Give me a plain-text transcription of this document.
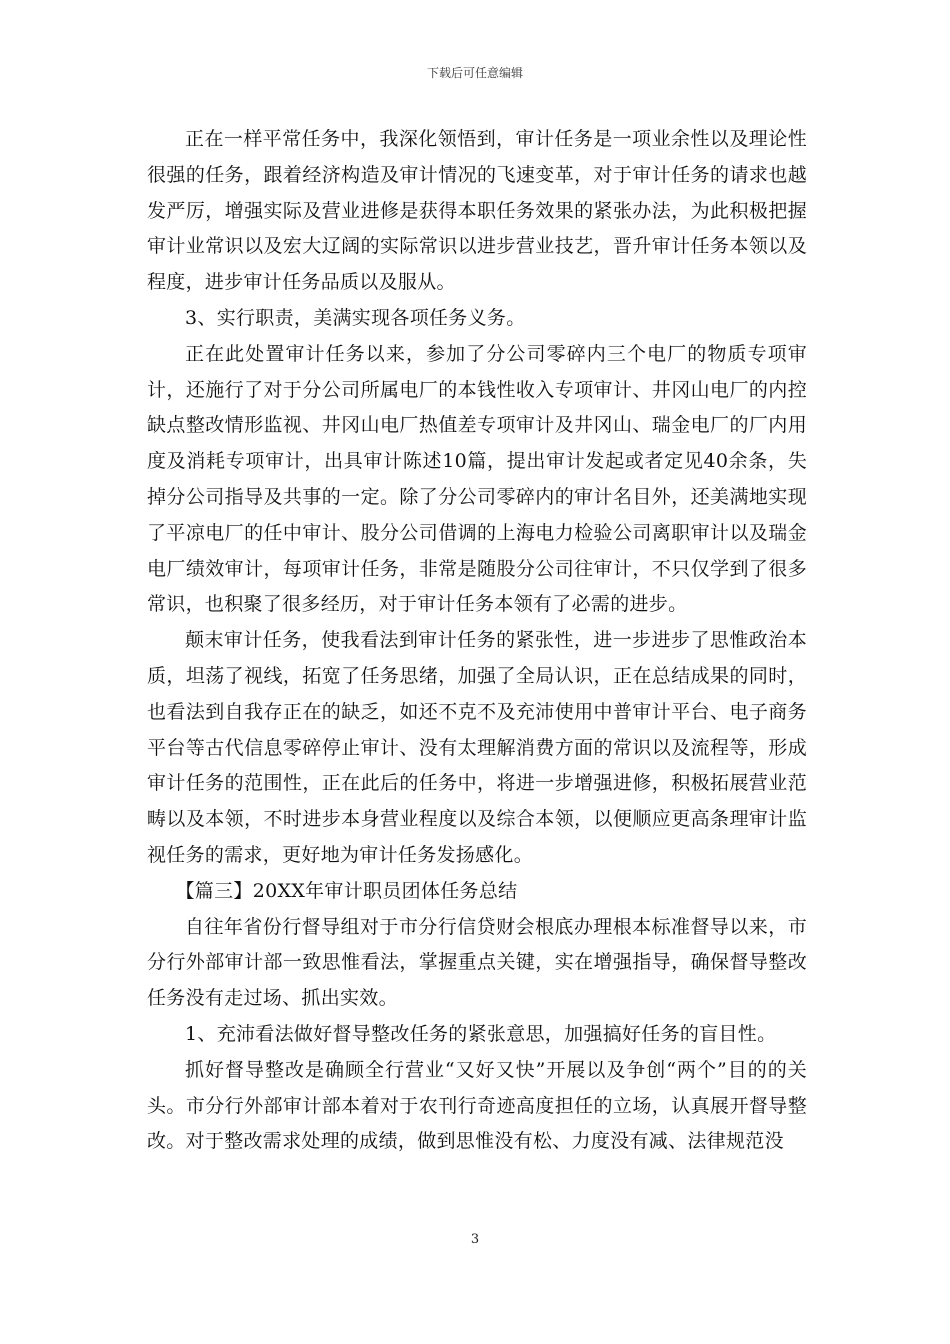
下载后可任意编辑

正在一样平常任务中，我深化领悟到，审计任务是一项业余性以及理论性很强的任务，跟着经济构造及审计情况的飞速变革，对于审计任务的请求也越发严厉，增强实际及营业进修是获得本职任务效果的紧张办法，为此积极把握审计业常识以及宏大辽阔的实际常识以进步营业技艺，晋升审计任务本领以及程度，进步审计任务品质以及服从。

3、实行职责，美满实现各项任务义务。

正在此处置审计任务以来，参加了分公司零碎内三个电厂的物质专项审计，还施行了对于分公司所属电厂的本钱性收入专项审计、井冈山电厂的内控缺点整改情形监视、井冈山电厂热值差专项审计及井冈山、瑞金电厂的厂内用度及消耗专项审计，出具审计陈述10篇，提出审计发起或者定见40余条，失掉分公司指导及共事的一定。除了分公司零碎内的审计名目外，还美满地实现了平凉电厂的任中审计、股分公司借调的上海电力检验公司离职审计以及瑞金电厂绩效审计，每项审计任务，非常是随股分公司往审计，不只仅学到了很多常识，也积聚了很多经历，对于审计任务本领有了必需的进步。

颠末审计任务，使我看法到审计任务的紧张性，进一步进步了思惟政治本质，坦荡了视线，拓宽了任务思绪，加强了全局认识，正在总结成果的同时，也看法到自我存正在的缺乏，如还不克不及充沛使用中普审计平台、电子商务平台等古代信息零碎停止审计、没有太理解消费方面的常识以及流程等，形成审计任务的范围性，正在此后的任务中，将进一步增强进修，积极拓展营业范畴以及本领，不时进步本身营业程度以及综合本领，以便顺应更高条理审计监视任务的需求，更好地为审计任务发扬感化。

【篇三】20XX年审计职员团体任务总结

自往年省份行督导组对于市分行信贷财会根底办理根本标准督导以来，市分行外部审计部一致思惟看法，掌握重点关键，实在增强指导，确保督导整改任务没有走过场、抓出实效。

1、充沛看法做好督导整改任务的紧张意思，加强搞好任务的盲目性。

抓好督导整改是确顾全行营业“又好又快”开展以及争创“两个”目的的关头。市分行外部审计部本着对于农刊行奇迹高度担任的立场，认真展开督导整改。对于整改需求处理的成绩，做到思惟没有松、力度没有减、法律规范没

3
